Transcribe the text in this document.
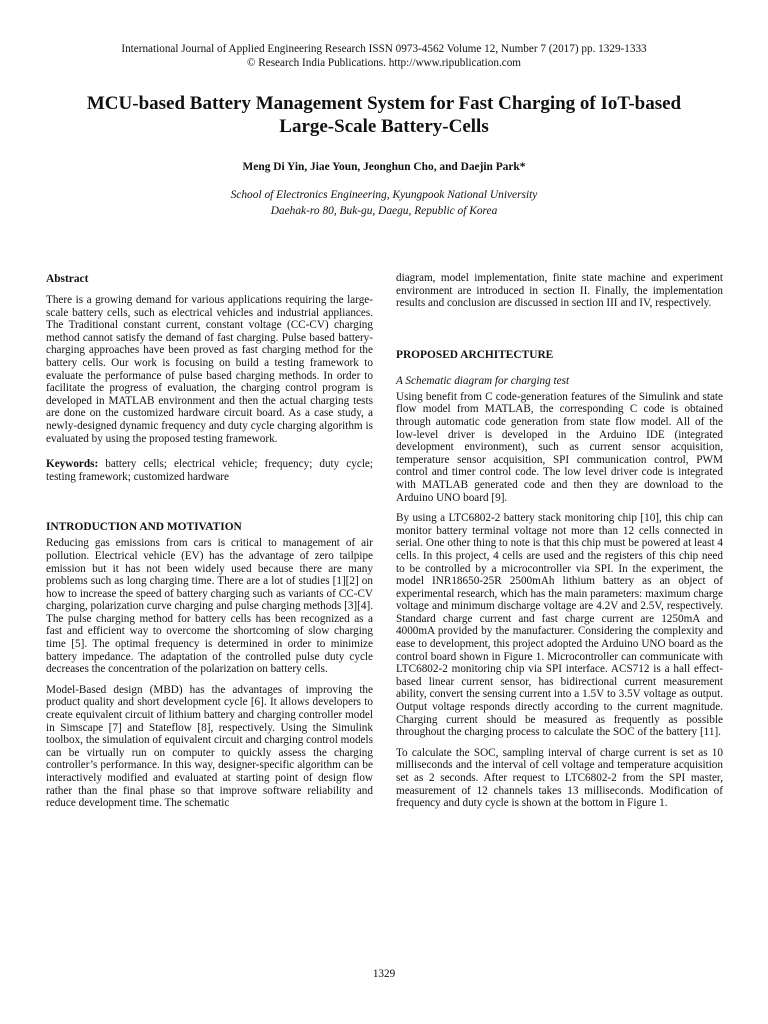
International Journal of Applied Engineering Research ISSN 0973-4562 Volume 12, Number 7 (2017) pp. 1329-1333
© Research India Publications. http://www.ripublication.com
MCU-based Battery Management System for Fast Charging of IoT-based
Large-Scale Battery-Cells
Meng Di Yin, Jiae Youn, Jeonghun Cho, and Daejin Park*
School of Electronics Engineering, Kyungpook National University
Daehak-ro 80, Buk-gu, Daegu, Republic of Korea
Abstract

There is a growing demand for various applications requiring the large-scale battery cells, such as electrical vehicles and industrial appliances. The Traditional constant current, constant voltage (CC-CV) charging method cannot satisfy the demand of fast charging. Pulse based battery-charging approaches have been proved as fast charging method for the battery cells. Our work is focusing on build a testing framework to evaluate the performance of pulse based charging methods. In order to facilitate the progress of evaluation, the charging control program is developed in MATLAB environment and then the actual charging tests are done on the customized hardware circuit board. As a case study, a newly-designed dynamic frequency and duty cycle charging algorithm is evaluated by using the proposed testing framework.

Keywords: battery cells; electrical vehicle; frequency; duty cycle; testing framework; customized hardware

INTRODUCTION AND MOTIVATION

Reducing gas emissions from cars is critical to management of air pollution. Electrical vehicle (EV) has the advantage of zero tailpipe emission but it has not been widely used because there are many problems such as long charging time. There are a lot of studies [1][2] on how to increase the speed of battery charging such as variants of CC-CV charging, polarization curve charging and pulse charging methods [3][4]. The pulse charging method for battery cells has been recognized as a fast and efficient way to overcome the shortcoming of slow charging time [5]. The optimal frequency is determined in order to minimize battery impedance. The adaptation of the controlled pulse duty cycle decreases the concentration of the polarization on battery cells.

Model-Based design (MBD) has the advantages of improving the product quality and short development cycle [6]. It allows developers to create equivalent circuit of lithium battery and charging controller model in Simscape [7] and Stateflow [8], respectively. Using the Simulink toolbox, the simulation of equivalent circuit and charging control models can be virtually run on computer to quickly assess the charging controller’s performance. In this way, designer-specific algorithm can be interactively modified and evaluated at starting point of design flow rather than the final phase so that improve software reliability and reduce development time. The schematic

diagram, model implementation, finite state machine and experiment environment are introduced in section II. Finally, the implementation results and conclusion are discussed in section III and IV, respectively.

PROPOSED ARCHITECTURE
A Schematic diagram for charging test

Using benefit from C code-generation features of the Simulink and state flow model from MATLAB, the corresponding C code is obtained through automatic code generation from state flow model. All of the low-level driver is developed in the Arduino IDE (integrated development environment), such as current sensor acquisition, temperature sensor acquisition, SPI communication control, PWM control and timer control code. The low level driver code is integrated with MATLAB generated code and then they are download to the Arduino UNO board [9].

By using a LTC6802-2 battery stack monitoring chip [10], this chip can monitor battery terminal voltage not more than 12 cells connected in serial. One other thing to note is that this chip must be powered at least 4 cells. In this project, 4 cells are used and the registers of this chip need to be controlled by a microcontroller via SPI. In the experiment, the model INR18650-25R 2500mAh lithium battery as an object of experimental research, which has the main parameters: maximum charge voltage and minimum discharge voltage are 4.2V and 2.5V, respectively. Standard charge current and fast charge current are 1250mA and 4000mA provided by the manufacturer. Considering the complexity and ease to development, this project adopted the Arduino UNO board as the control board shown in Figure 1. Microcontroller can communicate with LTC6802-2 monitoring chip via SPI interface. ACS712 is a hall effect-based linear current sensor, has bidirectional current measurement ability, convert the sensing current into a 1.5V to 3.5V voltage as output. Output voltage responds directly according to the current magnitude. Charging current should be measured as frequently as possible throughout the charging process to calculate the SOC of the battery [11].

To calculate the SOC, sampling interval of charge current is set as 10 milliseconds and the interval of cell voltage and temperature acquisition set as 2 seconds. After request to LTC6802-2 from the SPI master, measurement of 12 channels takes 13 milliseconds. Modification of frequency and duty cycle is shown at the bottom in Figure 1.

1329
